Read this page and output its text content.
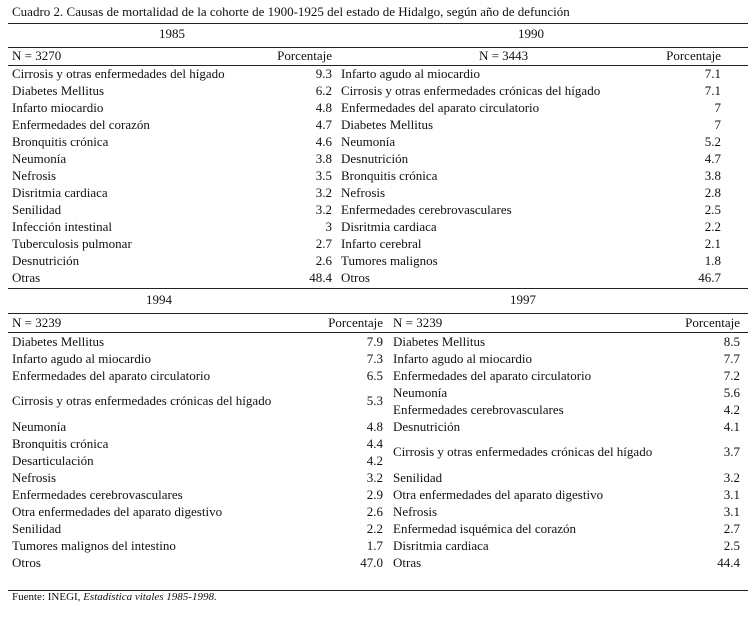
Cuadro 2. Causas de mortalidad de la cohorte de 1900-1925 del estado de Hidalgo, según año de defunción
1985
N = 3270	Porcentaje
Cirrosis y otras enfermedades del hígado	9.3
Diabetes Mellitus	6.2
Infarto miocardio	4.8
Enfermedades del corazón	4.7
Bronquitis crónica	4.6
Neumonía	3.8
Nefrosis	3.5
Disritmia cardiaca	3.2
Senilidad	3.2
Infección intestinal	3
Tuberculosis pulmonar	2.7
Desnutrición	2.6
Otras	48.4
1990
N = 3443	Porcentaje
Infarto agudo al miocardio	7.1
Cirrosis y otras enfermedades crónicas del hígado	7.1
Enfermedades del aparato circulatorio	7
Diabetes Mellitus	7
Neumonía	5.2
Desnutrición	4.7
Bronquitis crónica	3.8
Nefrosis	2.8
Enfermedades cerebrovasculares	2.5
Disritmia cardiaca	2.2
Infarto cerebral	2.1
Tumores malignos	1.8
Otros	46.7
1994
N = 3239	Porcentaje
Diabetes Mellitus	7.9
Infarto agudo al miocardio	7.3
Enfermedades del aparato circulatorio	6.5
Cirrosis y otras enfermedades crónicas del hígado	5.3
Neumonía	4.8
Bronquitis crónica	4.4
Desarticulación	4.2
Nefrosis	3.2
Enfermedades cerebrovasculares	2.9
Otra enfermedades del aparato digestivo	2.6
Senilidad	2.2
Tumores malignos del intestino	1.7
Otros	47.0
1997
N = 3239	Porcentaje
Diabetes Mellitus	8.5
Infarto agudo al miocardio	7.7
Enfermedades del aparato circulatorio	7.2
Neumonía	5.6
Enfermedades cerebrovasculares	4.2
Desnutrición	4.1
Cirrosis y otras enfermedades crónicas del hígado	3.7
Senilidad	3.2
Otra enfermedades del aparato digestivo	3.1
Nefrosis	3.1
Enfermedad isquémica del corazón	2.7
Disritmia cardiaca	2.5
Otras	44.4
Fuente: INEGI, Estadística vitales 1985-1998.
